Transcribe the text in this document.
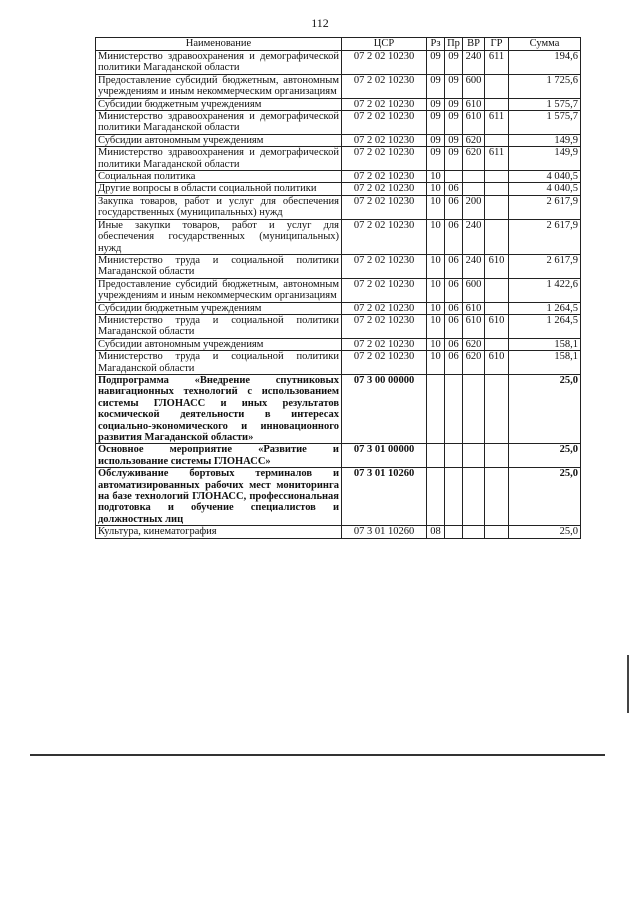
112
Наименование	ЦСР	Рз	Пр	ВР	ГР	Сумма
Министерство здравоохранения и демографической политики Магаданской области	07 2 02 10230	09	09	240	611	194,6
Предоставление субсидий бюджетным, автономным учреждениям и иным некоммерческим организациям	07 2 02 10230	09	09	600		1 725,6
Субсидии бюджетным учреждениям	07 2 02 10230	09	09	610		1 575,7
Министерство здравоохранения и демографической политики Магаданской области	07 2 02 10230	09	09	610	611	1 575,7
Субсидии автономным учреждениям	07 2 02 10230	09	09	620		149,9
Министерство здравоохранения и демографической политики Магаданской области	07 2 02 10230	09	09	620	611	149,9
Социальная политика	07 2 02 10230	10				4 040,5
Другие вопросы в области социальной политики	07 2 02 10230	10	06			4 040,5
Закупка товаров, работ и услуг для обеспечения государственных (муниципальных) нужд	07 2 02 10230	10	06	200		2 617,9
Иные закупки товаров, работ и услуг для обеспечения государственных (муниципальных) нужд	07 2 02 10230	10	06	240		2 617,9
Министерство труда и социальной политики Магаданской области	07 2 02 10230	10	06	240	610	2 617,9
Предоставление субсидий бюджетным, автономным учреждениям и иным некоммерческим организациям	07 2 02 10230	10	06	600		1 422,6
Субсидии бюджетным учреждениям	07 2 02 10230	10	06	610		1 264,5
Министерство труда и социальной политики Магаданской области	07 2 02 10230	10	06	610	610	1 264,5
Субсидии автономным учреждениям	07 2 02 10230	10	06	620		158,1
Министерство труда и социальной политики Магаданской области	07 2 02 10230	10	06	620	610	158,1
Подпрограмма «Внедрение спутниковых навигационных технологий с использованием системы ГЛОНАСС и иных результатов космической деятельности в интересах социально-экономического и инновационного развития Магаданской области»	07 3 00 00000					25,0
Основное мероприятие «Развитие и использование системы ГЛОНАСС»	07 3 01 00000					25,0
Обслуживание бортовых терминалов и автоматизированных рабочих мест мониторинга на базе технологий ГЛОНАСС, профессиональная подготовка и обучение специалистов и должностных лиц	07 3 01 10260					25,0
Культура, кинематография	07 3 01 10260	08				25,0
